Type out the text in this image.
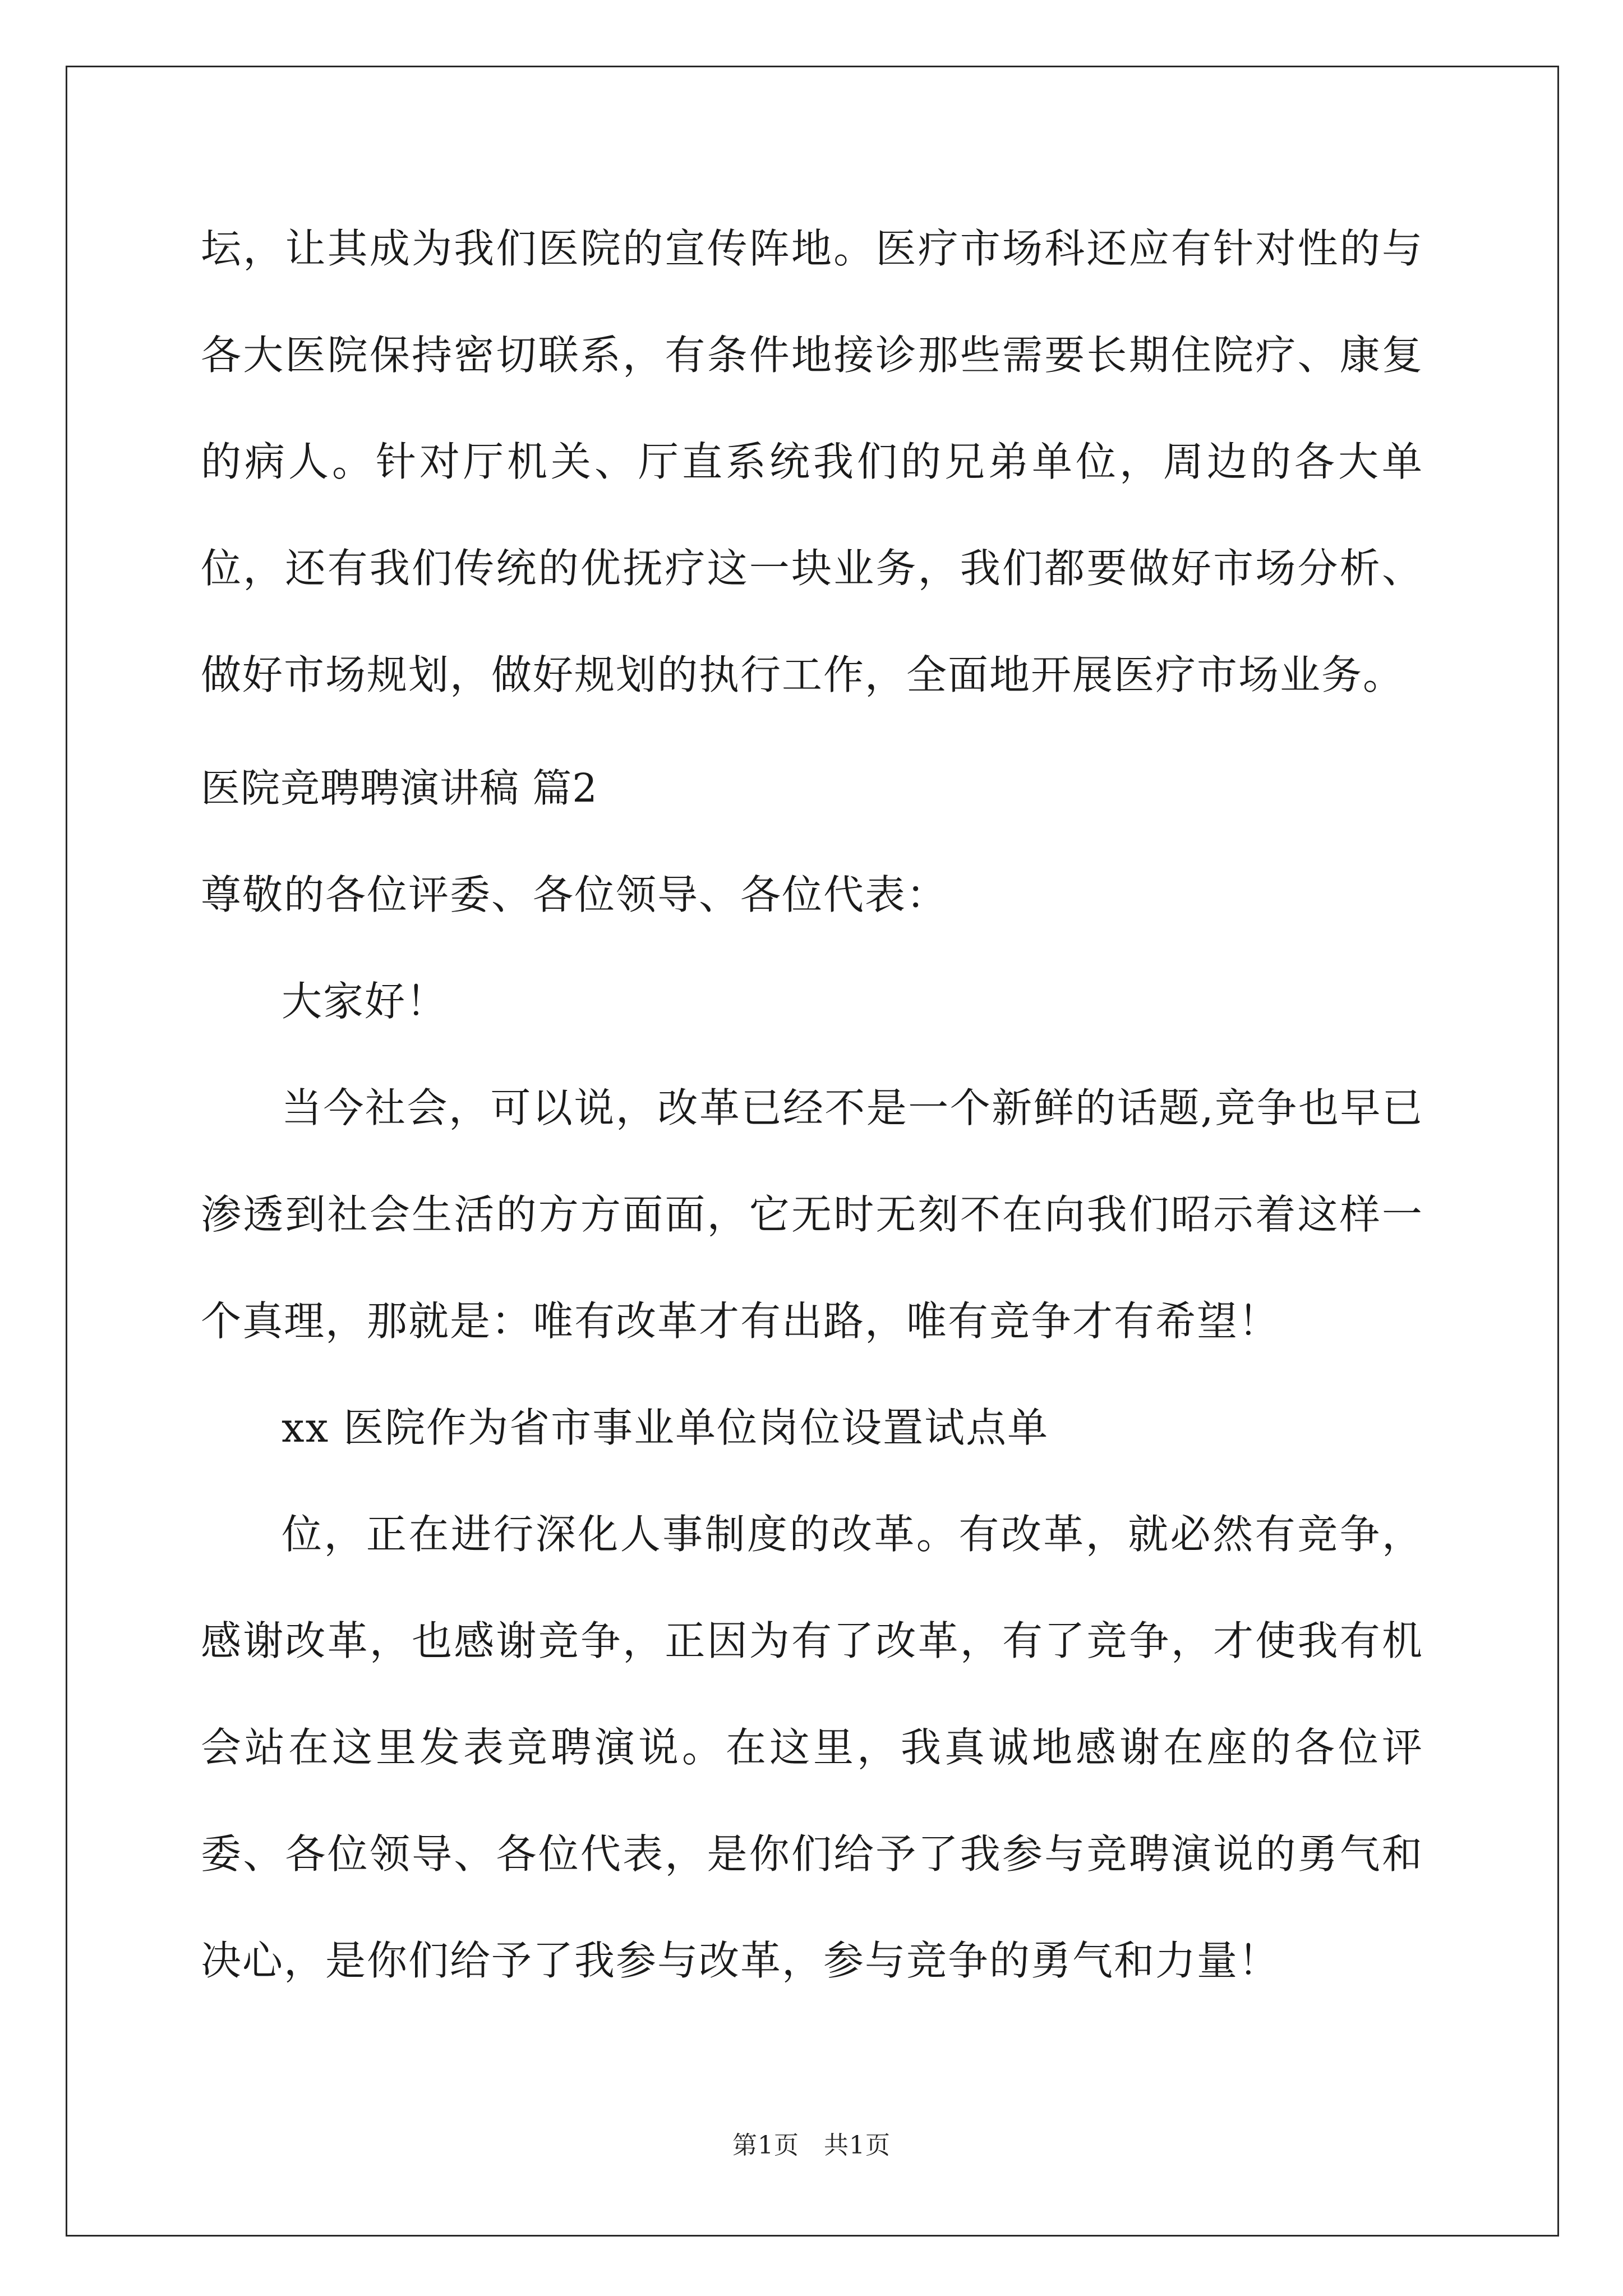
坛，让其成为我们医院的宣传阵地。医疗市场科还应有针对性的与各大医院保持密切联系，有条件地接诊那些需要长期住院疗、康复的病人。针对厅机关、厅直系统我们的兄弟单位，周边的各大单位，还有我们传统的优抚疗这一块业务，我们都要做好市场分析、做好市场规划，做好规划的执行工作，全面地开展医疗市场业务。
医院竞聘聘演讲稿 篇2
尊敬的各位评委、各位领导、各位代表：
大家好！
当今社会，可以说，改革已经不是一个新鲜的话题,竞争也早已渗透到社会生活的方方面面，它无时无刻不在向我们昭示着这样一个真理，那就是：唯有改革才有出路，唯有竞争才有希望！
xx 医院作为省市事业单位岗位设置试点单
位，正在进行深化人事制度的改革。有改革，就必然有竞争，感谢改革，也感谢竞争，正因为有了改革，有了竞争，才使我有机会站在这里发表竞聘演说。在这里，我真诚地感谢在座的各位评委、各位领导、各位代表，是你们给予了我参与竞聘演说的勇气和决心，是你们给予了我参与改革，参与竞争的勇气和力量！
第1页 共1页
